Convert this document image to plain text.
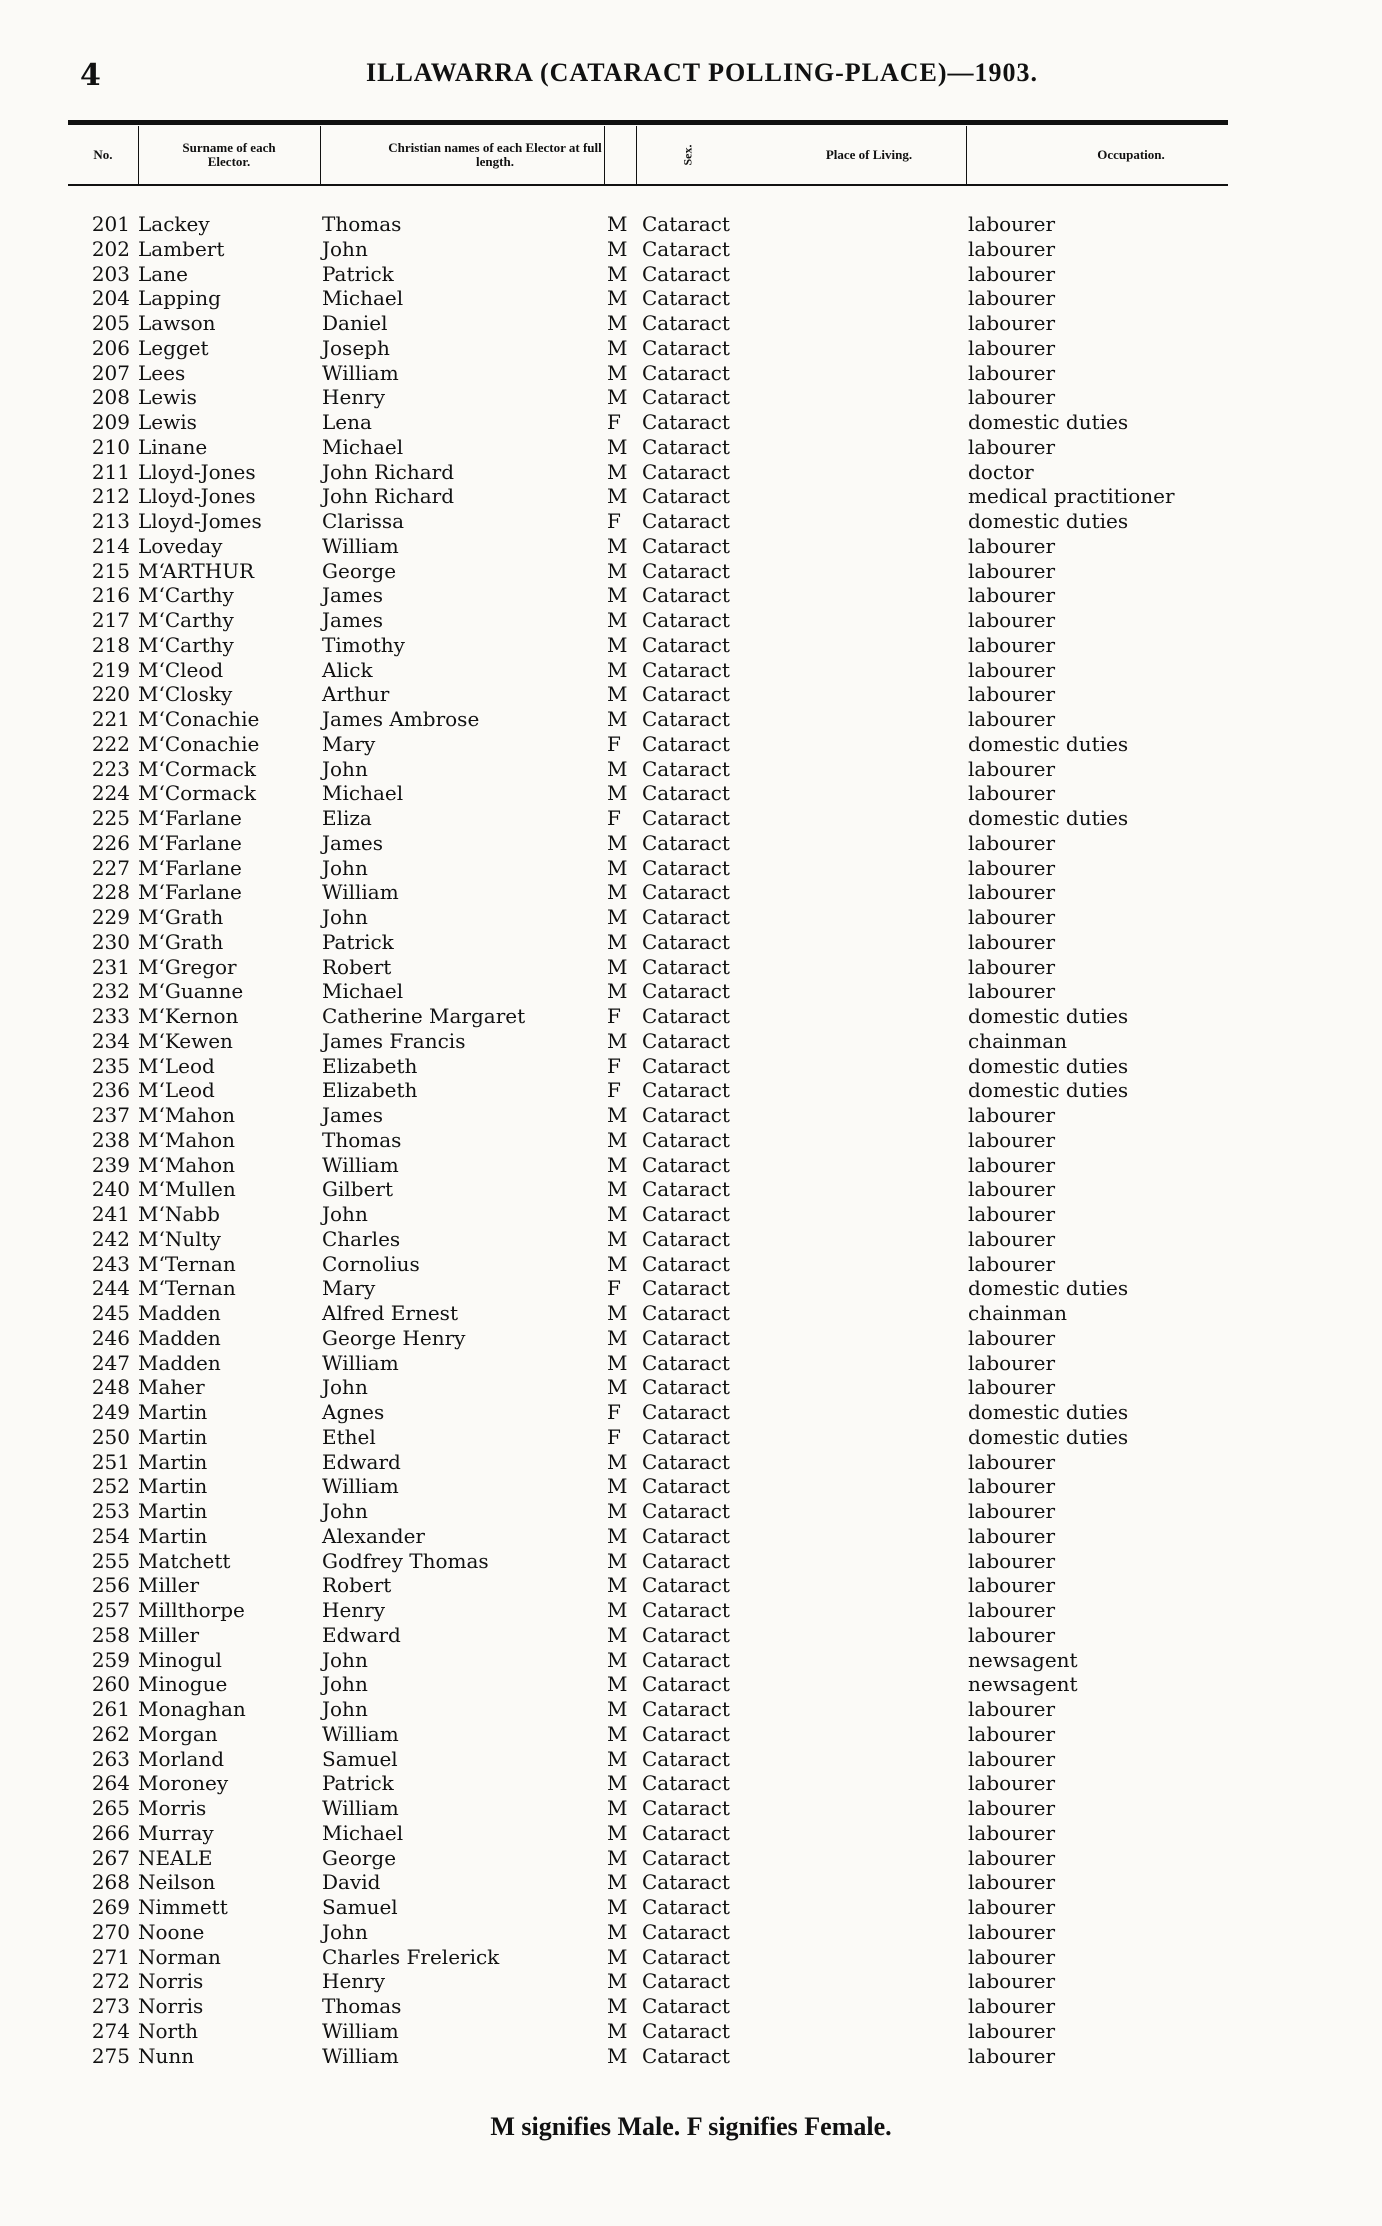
4	ILLAWARRA (CATARACT POLLING-PLACE)—1903.
No.	Surname of each Elector.
Christian names of each Elector at full length.	Sex.	Place of Living.	Occupation.
201 Lackey	Thomas	M Cataract	labourer
202 Lambert	John	M Cataract	labourer
203 Lane	Patrick	M Cataract	labourer
204 Lapping	Michael	M Cataract	labourer
205 Lawson	Daniel	M Cataract	labourer
206 Legget	Joseph	M Cataract	labourer
207 Lees	William	M Cataract	labourer
208 Lewis	Henry	M Cataract	labourer
209 Lewis	Lena	F Cataract	domestic duties
210 Linane	Michael	M Cataract	labourer
211 Lloyd-Jones	John Richard	M Cataract	doctor
212 Lloyd-Jones	John Richard	M Cataract	medical practitioner
213 Lloyd-Jomes	Clarissa	F Cataract	domestic duties
214 Loveday	William	M Cataract	labourer
215 M‘ARTHUR	George	M Cataract	labourer
216 M‘Carthy	James	M Cataract	labourer
217 M‘Carthy	James	M Cataract	labourer
218 M‘Carthy	Timothy	M Cataract	labourer
219 M‘Cleod	Alick	M Cataract	labourer
220 M‘Closky	Arthur	M Cataract	labourer
221 M‘Conachie	James Ambrose	M Cataract	labourer
222 M‘Conachie	Mary	F Cataract	domestic duties
223 M‘Cormack	John	M Cataract	labourer
224 M‘Cormack	Michael	M Cataract	labourer
225 M‘Farlane	Eliza	F Cataract	domestic duties
226 M‘Farlane	James	M Cataract	labourer
227 M‘Farlane	John	M Cataract	labourer
228 M‘Farlane	William	M Cataract	labourer
229 M‘Grath	John	M Cataract	labourer
230 M‘Grath	Patrick	M Cataract	labourer
231 M‘Gregor	Robert	M Cataract	labourer
232 M‘Guanne	Michael	M Cataract	labourer
233 M‘Kernon	Catherine Margaret	F Cataract	domestic duties
234 M‘Kewen	James Francis	M Cataract	chainman
235 M‘Leod	Elizabeth	F Cataract	domestic duties
236 M‘Leod	Elizabeth	F Cataract	domestic duties
237 M‘Mahon	James	M Cataract	labourer
238 M‘Mahon	Thomas	M Cataract	labourer
239 M‘Mahon	William	M Cataract	labourer
240 M‘Mullen	Gilbert	M Cataract	labourer
241 M‘Nabb	John	M Cataract	labourer
242 M‘Nulty	Charles	M Cataract	labourer
243 M‘Ternan	Cornolius	M Cataract	labourer
244 M‘Ternan	Mary	F Cataract	domestic duties
245 Madden	Alfred Ernest	M Cataract	chainman
246 Madden	George Henry	M Cataract	labourer
247 Madden	William	M Cataract	labourer
248 Maher	John	M Cataract	labourer
249 Martin	Agnes	F Cataract	domestic duties
250 Martin	Ethel	F Cataract	domestic duties
251 Martin	Edward	M Cataract	labourer
252 Martin	William	M Cataract	labourer
253 Martin	John	M Cataract	labourer
254 Martin	Alexander	M Cataract	labourer
255 Matchett	Godfrey Thomas	M Cataract	labourer
256 Miller	Robert	M Cataract	labourer
257 Millthorpe	Henry	M Cataract	labourer
258 Miller	Edward	M Cataract	labourer
259 Minogul	John	M Cataract	newsagent
260 Minogue	John	M Cataract	newsagent
261 Monaghan	John	M Cataract	labourer
262 Morgan	William	M Cataract	labourer
263 Morland	Samuel	M Cataract	labourer
264 Moroney	Patrick	M Cataract	labourer
265 Morris	William	M Cataract	labourer
266 Murray	Michael	M Cataract	labourer
267 NEALE	George	M Cataract	labourer
268 Neilson	David	M Cataract	labourer
269 Nimmett	Samuel	M Cataract	labourer
270 Noone	John	M Cataract	labourer
271 Norman	Charles Frelerick	M Cataract	labourer
272 Norris	Henry	M Cataract	labourer
273 Norris	Thomas	M Cataract	labourer
274 North	William	M Cataract	labourer
275 Nunn	William	M Cataract	labourer
M signifies Male. F signifies Female.
